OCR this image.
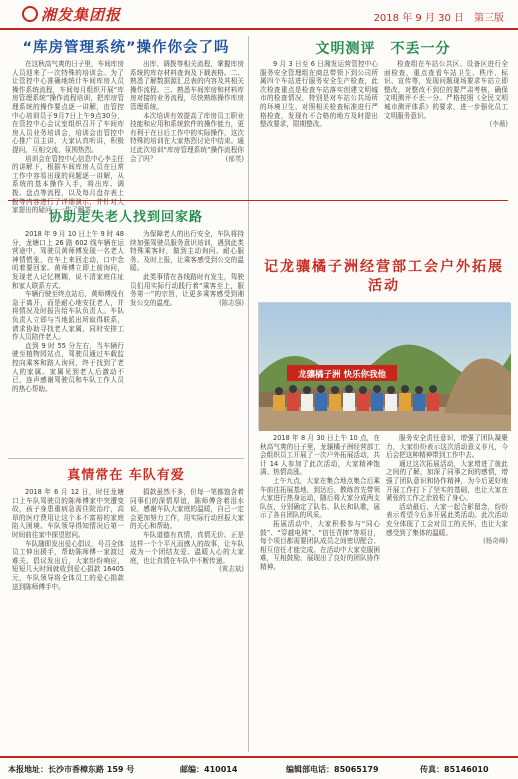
湘发集团报	2018 年 9 月 30 日　 第三版
“库房管理系统”操作你会了吗

在这秋高气爽的日子里，车间库房人员迎来了一次特殊的培训会。为了让管控中心准确地统计车间库房人员操作系统流程，车间每月组织开展“库房管理系统”操作流程培训，把库房管理系统的操作要点逐一讲解，由管控中心培训员于9月7日上午9点30分，在管控中心会议室组织召开了车间库房人员业务培训会，培训会由管控中心推广员主讲，大家认真听讲，积极提问，互相交流，氛围热烈。

培训会在管控中心信息中心李主任的讲解下，根据车间库房人员在日常工作中容易出现的问题逐一讲解，从系统的基本操作入手，将出库、调拨、盘点等流程，以及每月盘存表上报等内容进行了详细演示，并针对大家提出的疑问一一作了解答。

出库、调拨等相关流程，掌握库房系统的库存材料查询及下载表格。二、熟悉了解数据源汇总表的内容及其相关操作流程。三、熟悉车间库房和材料库房对接的业务流程，尽快熟练操作库房管理系统。

本次培训有效提高了库房员工职业技能和应用和系统软件的操作能力，更有利于在日后工作中的实际操作，这次特殊的培训在大家热烈讨论中结束。通过此次培训“库房管理系统”操作流程你会了吗？	(郁英)

文明测评　不丢一分

9 月 3 日至 6 日湘发运营管控中心服务安全管理组在商总带领下到公司所属四个车站进行服务安全生产检查，此次检查重点是检查车站落实创建文明城市的检查情况，特别是对车站公共场所的环境卫生、对照相关检查标准进行严格检查，发现有不合格的地方及时提出整改要求，限期整改。

检查组在车站公共区、设备区进行全面检查，重点查看车站卫生、秩序、标识、宣传等，发现问题现场要求车站立即整改，对整改不到位的要严肃考核，确保文明测评不丢一分。严格按照《全民文明城市测评体系》的要求，进一步强化员工文明服务意识。

(李薇)

协助走失老人找到回家路

2018 年 9 月 10 日上午 9 时 48 分，龙塘口上 26 路 602 线车辆在运营途中，驾驶员黄师傅发现一名老人神情慌张，在车上来回走动，口中念叨着要回家。黄师傅立即上前询问，发现老人记忆模糊，说不清家庭住址和家人联系方式。

车辆行驶至终点站后，黄师傅没有急于离开，而是耐心地安抚老人，并将情况及时报告给车队负责人。车队负责人立即与当地派出所取得联系，请求协助寻找老人家属，同时安排工作人员陪伴老人。

直到 9 时 55 分左右，当车辆行驶至植物园站点，驾驶员通过车载监控向乘客和路人询问，终于找到了老人的家属。家属见到老人后激动不已，连声感谢驾驶员和车队工作人员的热心帮助。

为保障老人的出行安全，车队将持续加强驾驶员服务意识培训，遇到此类特殊乘客时，做到主动询问、耐心服务、及时上报，让乘客感受到公交的温暖。

此类事情在各线路时有发生，驾驶员们用实际行动践行着“乘客至上，服务第一”的宗旨，让更多乘客感受到湘发公交的温度。	(陈志强)

真情常在 车队有爱

2018 年 6 月 12 日，时任龙塘口上车队驾驶员的陈师傅家中突遭变故，孩子身患重病急需住院治疗，高昂的医疗费用让这个本不富裕的家庭陷入困境。车队领导得知情况后第一时间前往家中探望慰问。

车队随即发出爱心倡议，号召全体员工伸出援手，帮助陈师傅一家渡过难关。倡议发出后，大家纷纷响应，短短几天时间就收到爱心捐款 16405 元，车队领导将全体员工的爱心捐款送到陈师傅手中。

捐款虽然不多，但每一笔都饱含着同事们的深情厚谊，陈师傅含着泪水说，感谢车队大家庭的温暖，自己一定会更加努力工作，用实际行动回报大家的关心和帮助。

车队道德有真情，真情无价。正是这样一个个平凡而感人的故事，让车队成为一个团结友爱、温暖人心的大家庭，也让真情在车队中不断传递。
(黄志斌)

记龙骧橘子洲经营部工会户外拓展活动
龙骧橘子洲 快乐你我他

2018 年 8 月 30 日上午 10 点，在秋高气爽的日子里，龙骧橘子洲经营部工会组织员工开展了一次户外拓展活动，共计 14 人参加了此次活动，大家精神饱满、热情高涨。

上午九点，大家在集合地点集合后乘车前往拓展基地，到达后，教练首先带领大家进行热身运动，随后将大家分成两支队伍，分别确定了队名、队长和队歌，展示了各自团队的风采。

拓展活动中，大家积极参与“同心鼓”、“穿越电网”、“信任背摔”等项目，每个项目都需要团队成员之间密切配合、相互信任才能完成。在活动中大家克服困难，互相鼓励，展现出了良好的团队协作精神。

服务安全责任意识，增强了团队凝聚力，大家纷纷表示这次活动意义非凡，今后会把这种精神带到工作中去。

通过这次拓展活动，大家增进了彼此之间的了解，加深了同事之间的感情，增强了团队意识和协作精神，为今后更好地开展工作打下了坚实的基础，也让大家在紧张的工作之余放松了身心。

活动最后，大家一起合影留念，纷纷表示希望今后多开展此类活动。此次活动充分体现了工会对员工的关怀，也让大家感受到了集体的温暖。

(杨奇峰)

本报地址：长沙市香樟东路 159 号	邮编：410014	编辑部电话：85065179	传真：85146010
